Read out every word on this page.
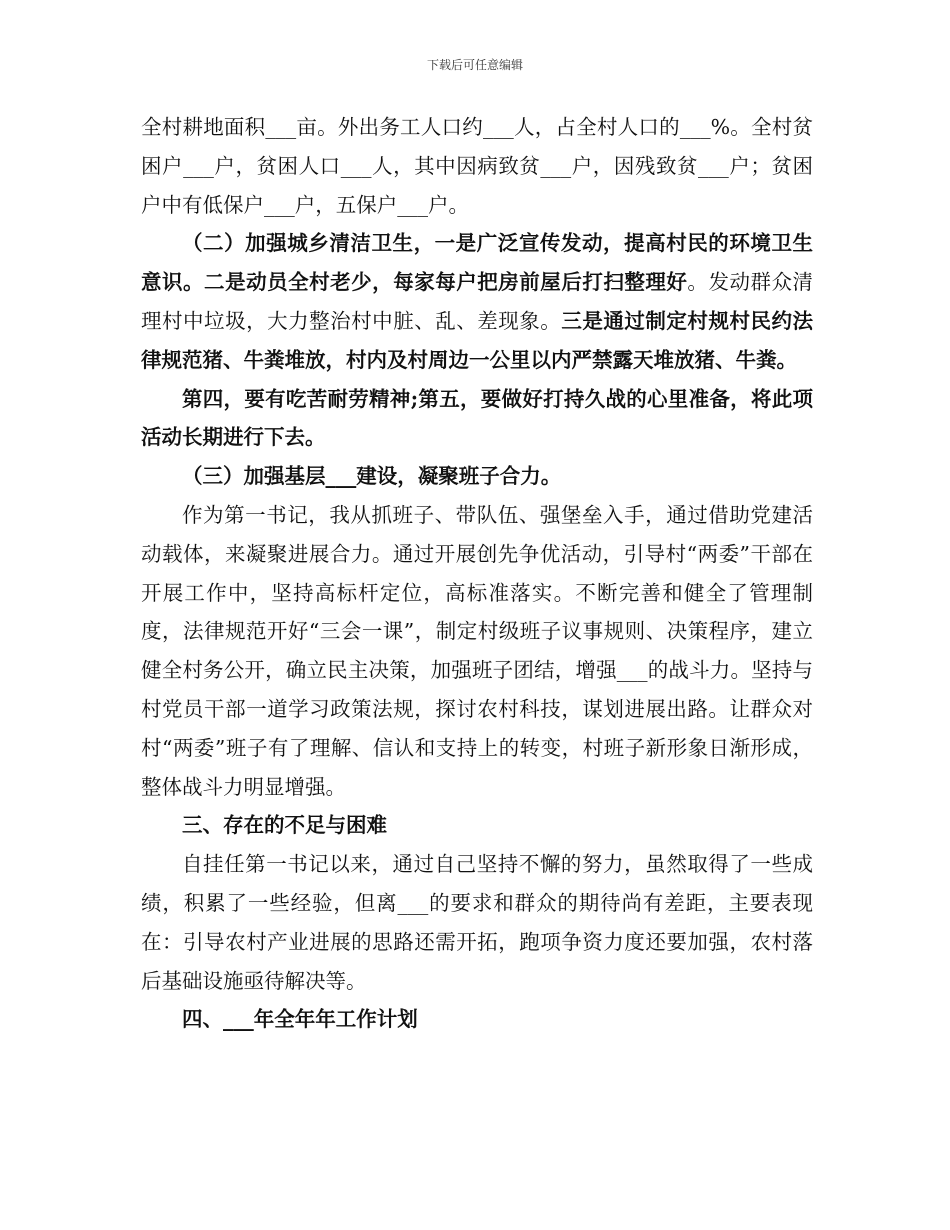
下载后可任意编辑

全村耕地面积___亩。外出务工人口约___人，占全村人口的___%。全村贫困户___户，贫困人口___人，其中因病致贫___户，因残致贫___户；贫困户中有低保户___户，五保户___户。

（二）加强城乡清洁卫生，一是广泛宣传发动，提高村民的环境卫生意识。二是动员全村老少，每家每户把房前屋后打扫整理好。发动群众清理村中垃圾，大力整治村中脏、乱、差现象。三是通过制定村规村民约法律规范猪、牛粪堆放，村内及村周边一公里以内严禁露天堆放猪、牛粪。

第四，要有吃苦耐劳精神;第五，要做好打持久战的心里准备，将此项活动长期进行下去。

（三）加强基层___建设，凝聚班子合力。

作为第一书记，我从抓班子、带队伍、强堡垒入手，通过借助党建活动载体，来凝聚进展合力。通过开展创先争优活动，引导村“两委”干部在开展工作中，坚持高标杆定位，高标准落实。不断完善和健全了管理制度，法律规范开好“三会一课”，制定村级班子议事规则、决策程序，建立健全村务公开，确立民主决策，加强班子团结，增强___的战斗力。坚持与村党员干部一道学习政策法规，探讨农村科技，谋划进展出路。让群众对村“两委”班子有了理解、信认和支持上的转变，村班子新形象日渐形成，整体战斗力明显增强。

三、存在的不足与困难

自挂任第一书记以来，通过自己坚持不懈的努力，虽然取得了一些成绩，积累了一些经验，但离___的要求和群众的期待尚有差距，主要表现在：引导农村产业进展的思路还需开拓，跑项争资力度还要加强，农村落后基础设施亟待解决等。

四、___年全年年工作计划
